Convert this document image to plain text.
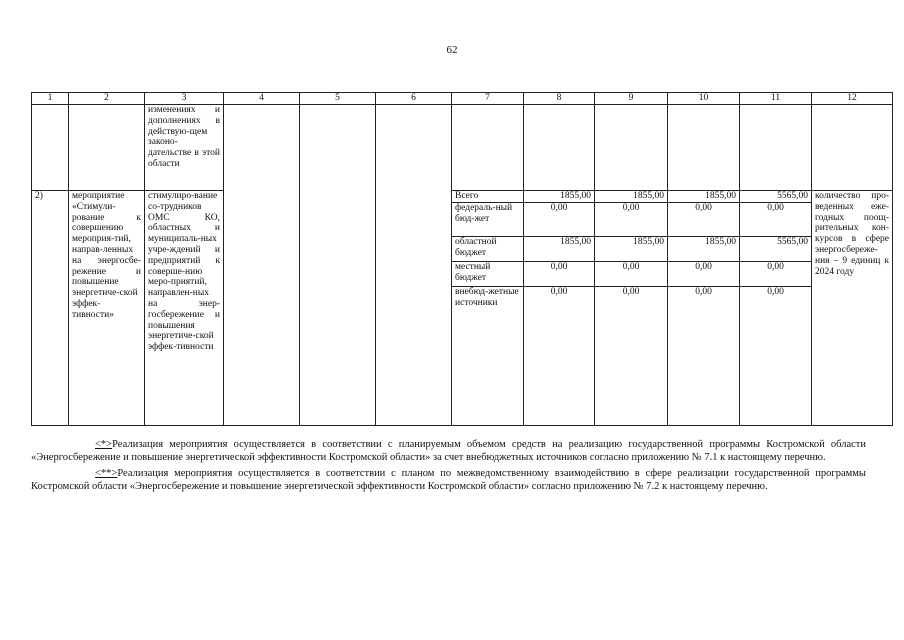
62
1	2	3	4	5	6	7	8	9	10	11	12
		изменениях и дополнениях в действую-щем законо-дательстве в этой области									
2)	мероприятие «Стимули-рование к совершению мероприя-тий, направ-ленных на энергосбе-режение и повышение энергетиче-ской эффек-тивности»	стимулиро-вание со-трудников ОМС КО, областных и муниципаль-ных учре-ждений и предприятий к соверше-нию меро-приятий, направлен-ных на энер-госбережение и повышения энергетиче-ской эффек-тивности				Всего	1855,00	1855,00	1855,00	5565,00	количество про-веденных еже-годных поощ-рительных кон-курсов в сфере энергосбереже-ния – 9 единиц к 2024 году
						федераль-ный бюд-жет	0,00	0,00	0,00	0,00	
						областной бюджет	1855,00	1855,00	1855,00	5565,00	
						местный бюджет	0,00	0,00	0,00	0,00	
						внебюд-жетные источники	0,00	0,00	0,00	0,00	

<*>Реализация мероприятия осуществляется в соответствии с планируемым объемом средств на реализацию государственной программы Костромской области «Энергосбережение и повышение энергетической эффективности Костромской области» за счет внебюджетных источников согласно приложению № 7.1 к настоящему перечню.

<**>Реализация мероприятия осуществляется в соответствии с планом по межведомственному взаимодействию в сфере реализации государственной программы Костромской области «Энергосбережение и повышение энергетической эффективности Костромской области» согласно приложению № 7.2 к настоящему перечню.
